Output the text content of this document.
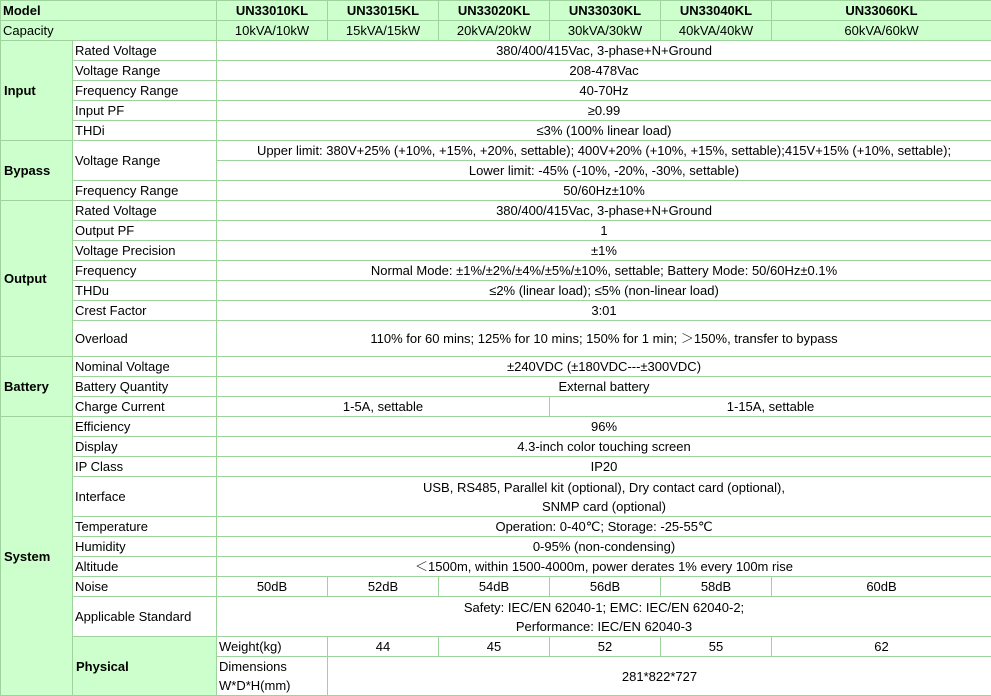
Model		UN33010KL	UN33015KL	UN33020KL	UN33030KL	UN33040KL	UN33060KL	
Capacity		10kVA/10kW	15kVA/15kW	20kVA/20kW	30kVA/30kW	40kVA/40kW	60kVA/60kW	
Input	Rated Voltage	380/400/415Vac, 3-phase+N+Ground						
	Voltage Range	208-478Vac						
	Frequency Range	40-70Hz						
	Input PF	≥0.99						
	THDi	≤3% (100% linear load)						
Bypass	Voltage Range	Upper limit: 380V+25% (+10%, +15%, +20%, settable); 400V+20% (+10%, +15%, settable);415V+15% (+10%, settable);						
		Lower limit: -45% (-10%, -20%, -30%, settable)						
	Frequency Range	50/60Hz±10%						
Output	Rated Voltage	380/400/415Vac, 3-phase+N+Ground						
	Output PF	1						
	Voltage Precision	±1%						
	Frequency	Normal Mode: ±1%/±2%/±4%/±5%/±10%, settable; Battery Mode: 50/60Hz±0.1%						
	THDu	≤2% (linear load); ≤5% (non-linear load)						
	Crest Factor	3:01						
	Overload	110% for 60 mins; 125% for 10 mins; 150% for 1 min; ＞150%, transfer to bypass						
Battery	Nominal Voltage	±240VDC (±180VDC---±300VDC)						
	Battery Quantity	External battery						
	Charge Current	1-5A, settable			1-15A, settable			
System	Efficiency	96%						
	Display	4.3-inch color touching screen						
	IP Class	IP20						
	Interface	USB, RS485, Parallel kit (optional), Dry contact card (optional),
SNMP card (optional)						

	Temperature	Operation: 0-40℃; Storage: -25-55℃						
	Humidity	0-95% (non-condensing)						
	Altitude	＜1500m, within 1500-4000m, power derates 1% every 100m rise						
	Noise	50dB	52dB	54dB	56dB	58dB	60dB	
	Applicable Standard	Safety: IEC/EN 62040-1; EMC: IEC/EN 62040-2;
Performance: IEC/EN 62040-3						

	Physical	Weight(kg)	44	45	52	55	62	

		Dimensions
W*D*H(mm)	281*822*727	
